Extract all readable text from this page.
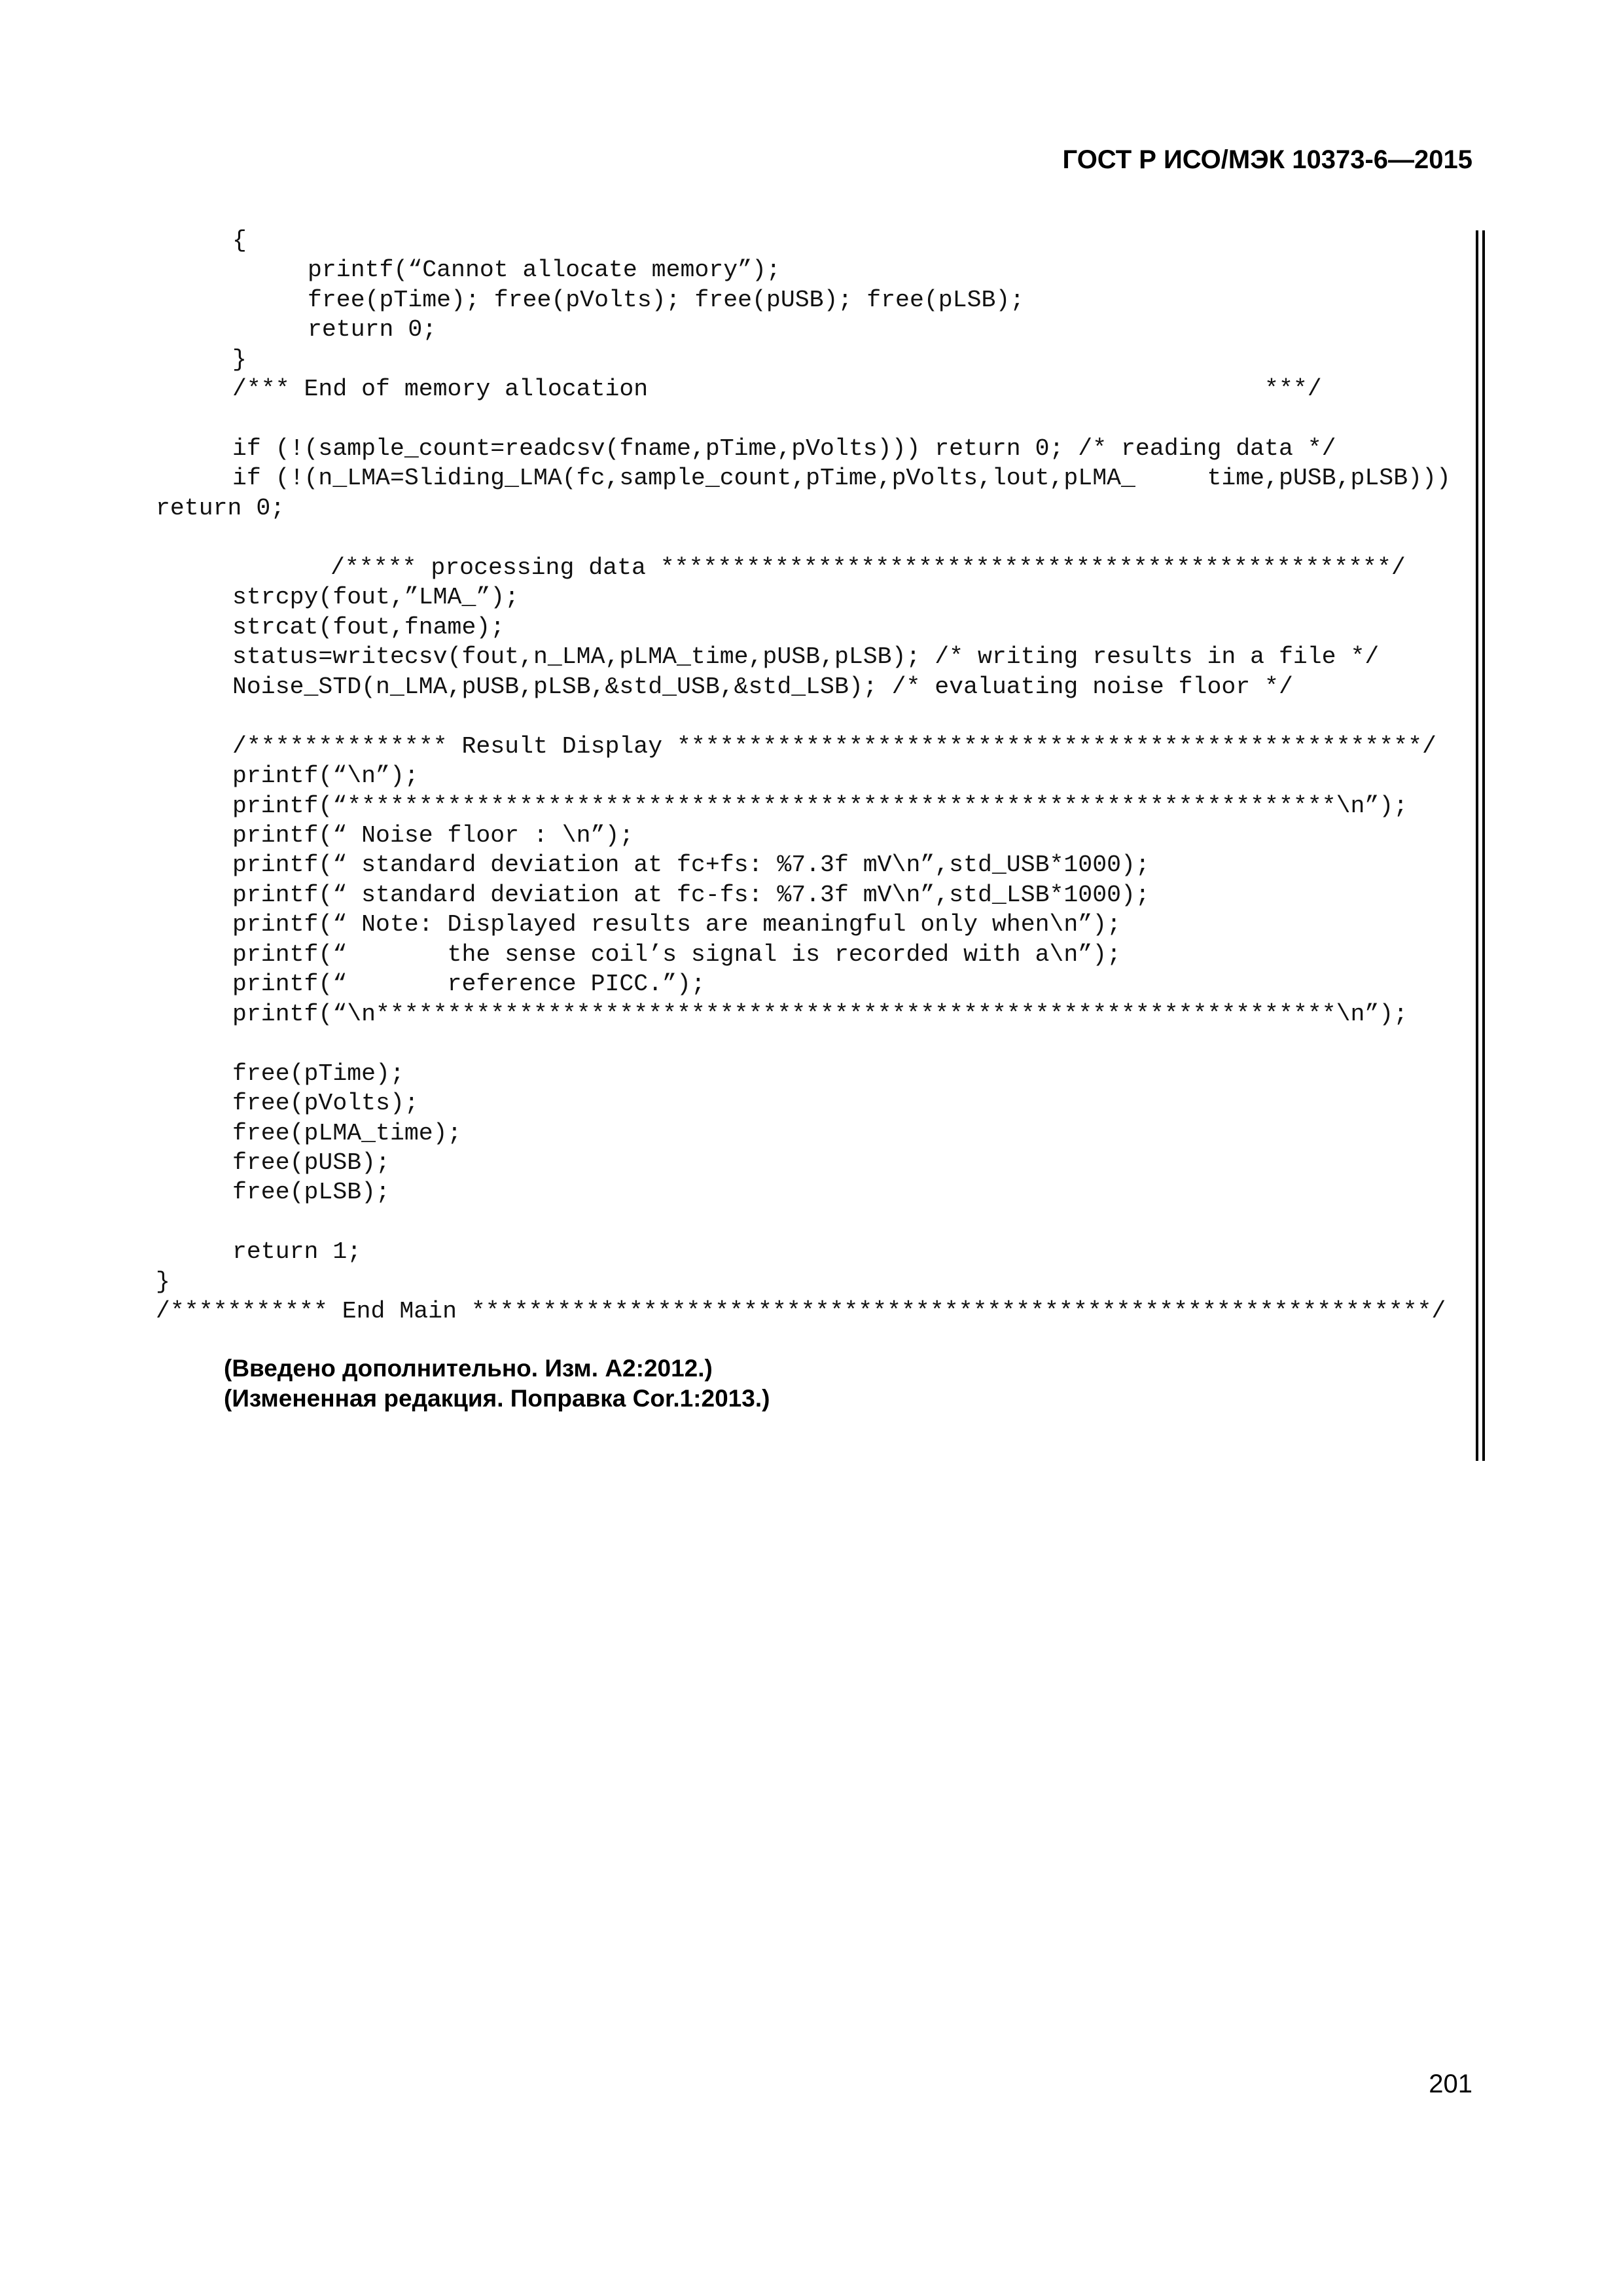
ГОСТ Р ИСО/МЭК 10373-6—2015
{
printf(“Cannot allocate memory”);
free(pTime); free(pVolts); free(pUSB); free(pLSB);
return 0;
}
/*** End of memory allocation                                           ***/
if (!(sample_count=readcsv(fname,pTime,pVolts))) return 0; /* reading data */
if (!(n_LMA=Sliding_LMA(fc,sample_count,pTime,pVolts,lout,pLMA_     time,pUSB,pLSB)))
return 0;
/***** processing data ***************************************************/
strcpy(fout,”LMA_”);
strcat(fout,fname);
status=writecsv(fout,n_LMA,pLMA_time,pUSB,pLSB); /* writing results in a file */
Noise_STD(n_LMA,pUSB,pLSB,&std_USB,&std_LSB); /* evaluating noise floor */
/************** Result Display ****************************************************/
printf(“\n”);
printf(“*********************************************************************\n”);
printf(“ Noise floor : \n”);
printf(“ standard deviation at fc+fs: %7.3f mV\n”,std_USB*1000);
printf(“ standard deviation at fc-fs: %7.3f mV\n”,std_LSB*1000);
printf(“ Note: Displayed results are meaningful only when\n”);
printf(“       the sense coil’s signal is recorded with a\n”);
printf(“       reference PICC.”);
printf(“\n*******************************************************************\n”);
free(pTime);
free(pVolts);
free(pLMA_time);
free(pUSB);
free(pLSB);
return 1;
}
/*********** End Main *******************************************************************/
(Введено дополнительно. Изм. А2:2012.)
(Измененная редакция. Поправка Cor.1:2013.)
201
